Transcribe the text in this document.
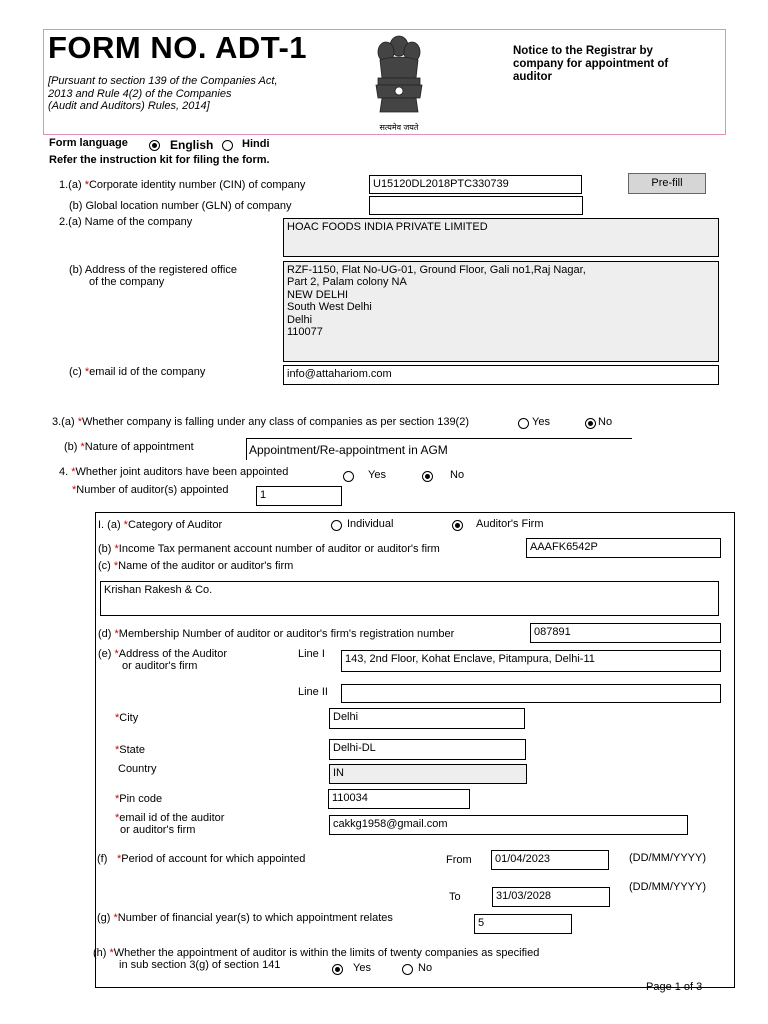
FORM NO. ADT-1
[Pursuant to section 139 of the Companies Act,
2013 and Rule 4(2) of the Companies
(Audit and Auditors) Rules, 2014]
सत्यमेव जयते
Notice to the Registrar by
company for appointment of
auditor
Form language	English	Hindi
Refer the instruction kit for filing the form.
1.(a) *Corporate identity number (CIN) of company	U15120DL2018PTC330739	Pre-fill
(b) Global location number (GLN) of company
2.(a) Name of the company	HOAC FOODS INDIA PRIVATE LIMITED
(b) Address of the registered office
of the company
RZF-1150, Flat No-UG-01, Ground Floor, Gali no1,Raj Nagar,
Part 2, Palam colony NA
NEW DELHI
South West Delhi
Delhi
110077
(c) *email id of the company	info@attahariom.com
3.(a) *Whether company is falling under any class of companies as per section 139(2)	Yes	No
(b) *Nature of appointment	Appointment/Re-appointment in AGM
4. *Whether joint auditors have been appointed	Yes	No
*Number of auditor(s) appointed	1
I. (a) *Category of Auditor	Individual	Auditor's Firm
(b) *Income Tax permanent account number of auditor or auditor's firm	AAAFK6542P
(c) *Name of the auditor or auditor's firm
Krishan Rakesh & Co.
(d) *Membership Number of auditor or auditor's firm's registration number	087891
(e) *Address of the Auditor
or auditor's firm
Line I	143, 2nd Floor, Kohat Enclave, Pitampura, Delhi-11
Line II
*City	Delhi
*State	Delhi-DL
Country	IN
*Pin code	110034
*email id of the auditor
or auditor's firm	cakkg1958@gmail.com
(f) *Period of account for which appointed	From	01/04/2023	(DD/MM/YYYY)
To	31/03/2028
(DD/MM/YYYY)
(g) *Number of financial year(s) to which appointment relates	5
(h) *Whether the appointment of auditor is within the limits of twenty companies as specified
in sub section 3(g) of section 141	Yes	No
Page 1 of 3
